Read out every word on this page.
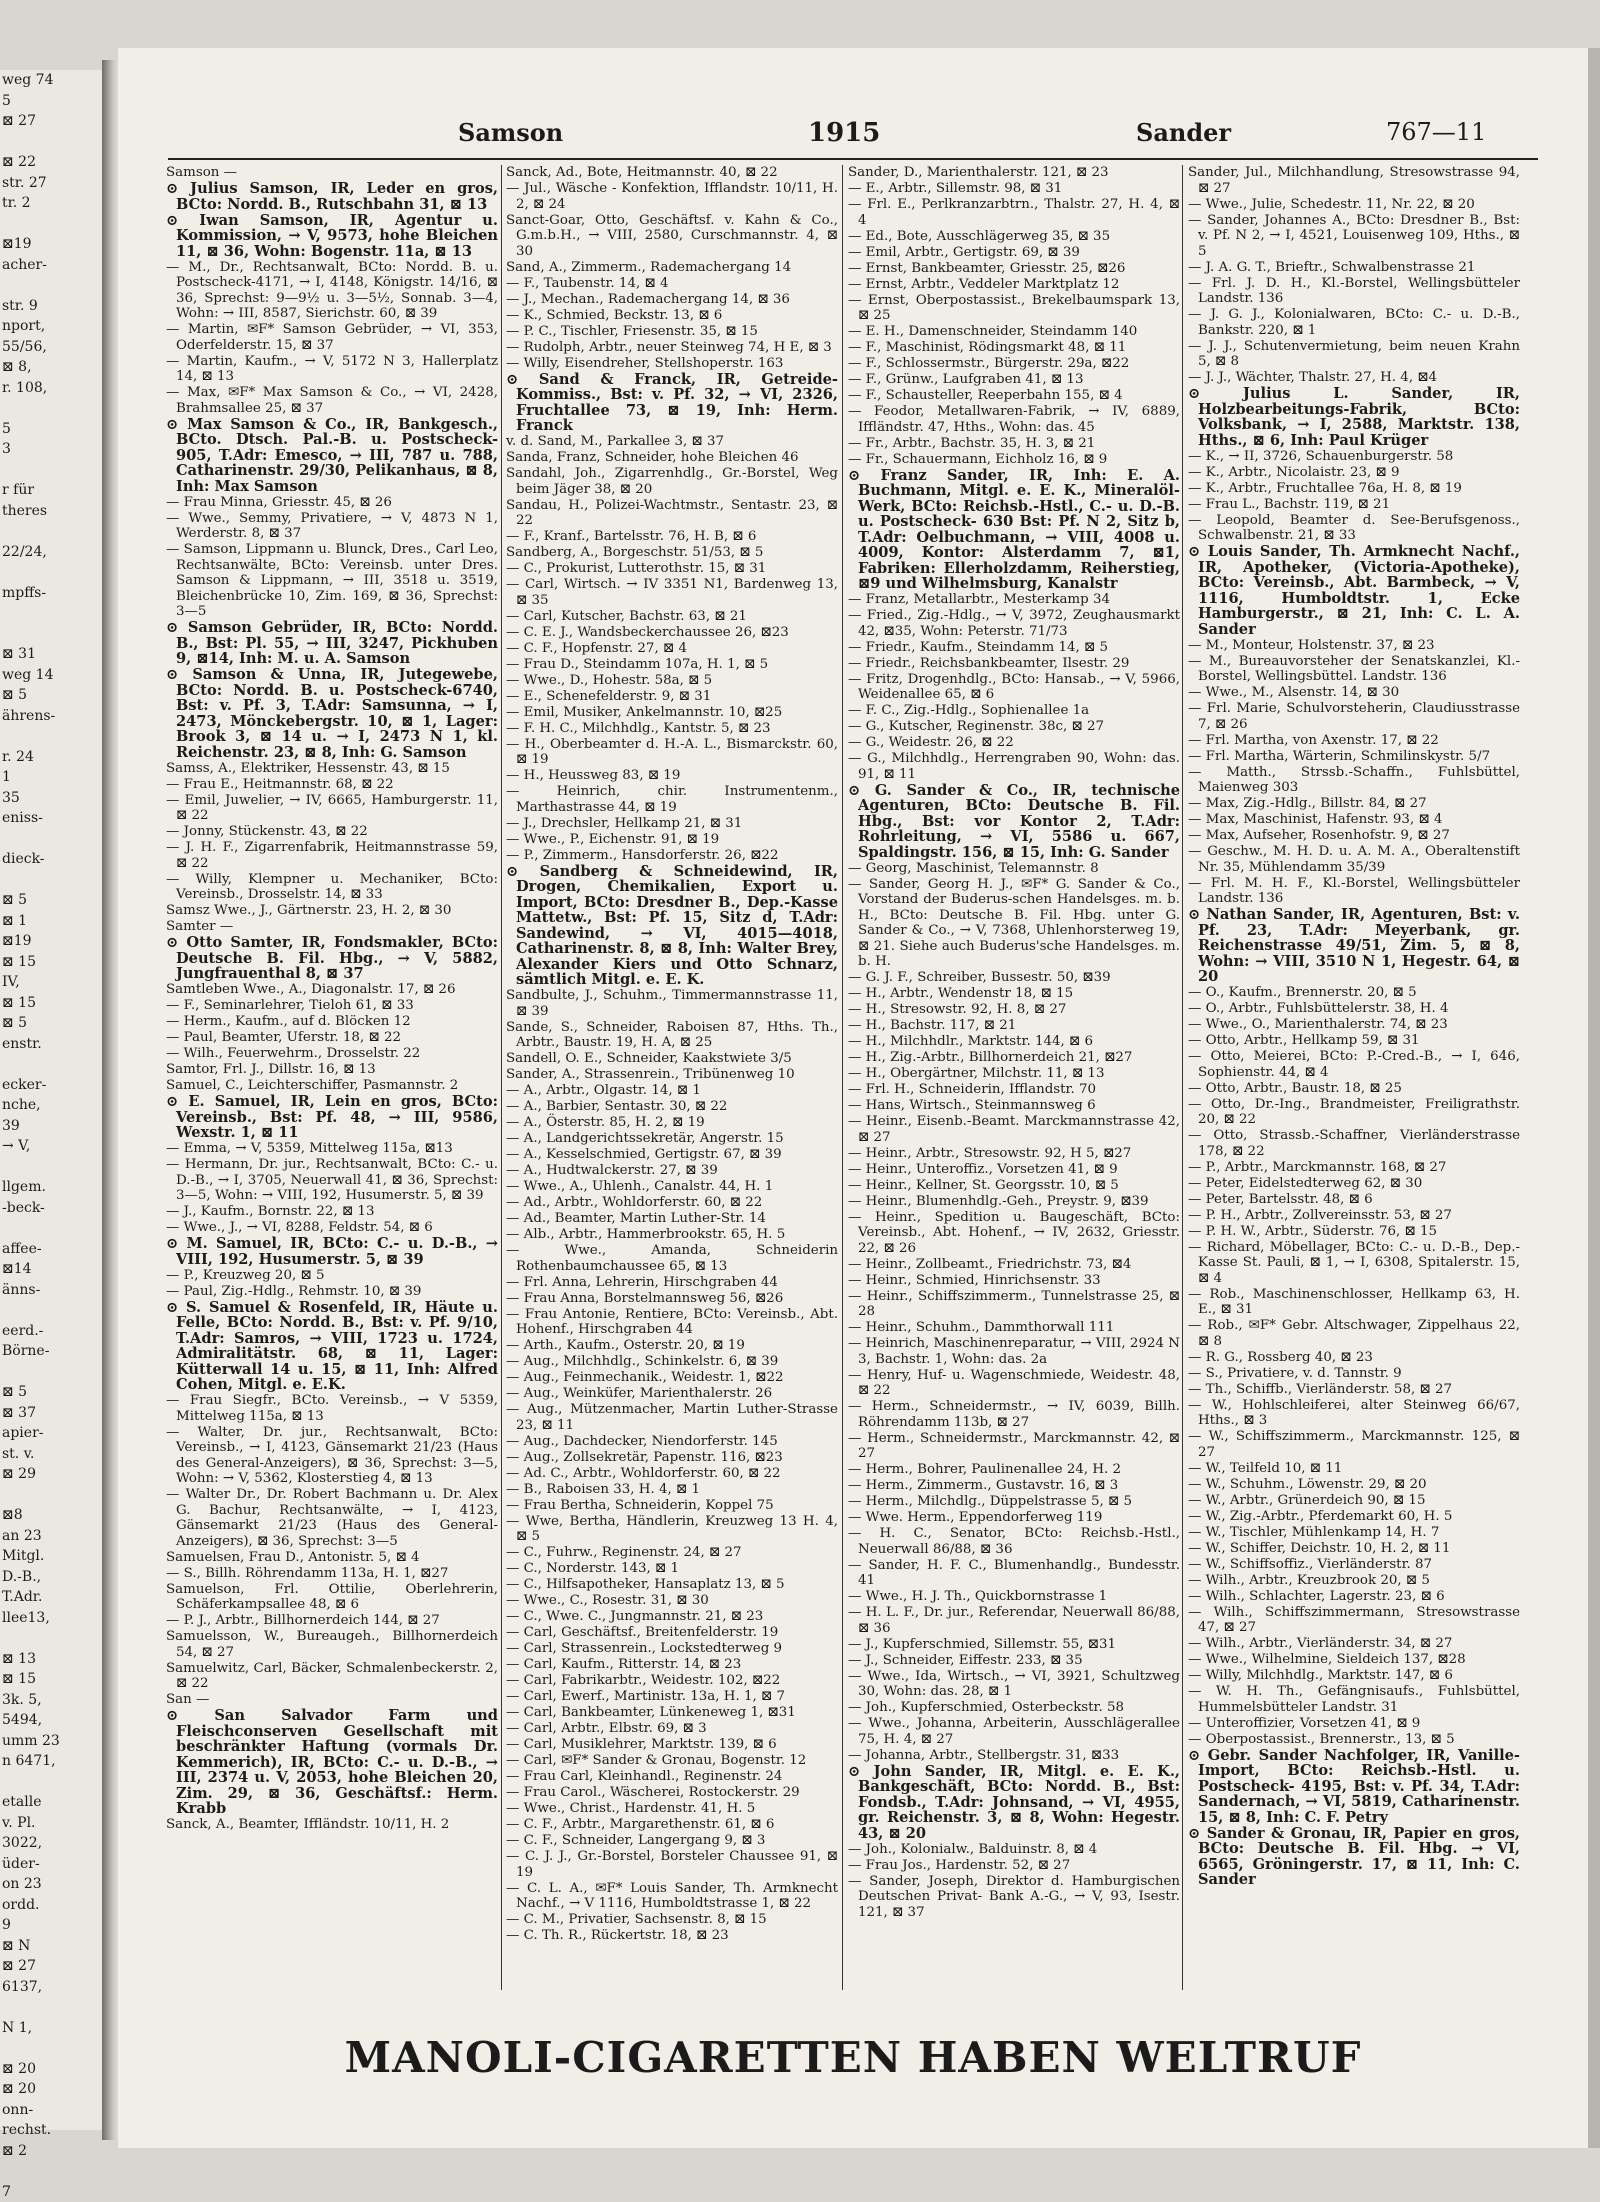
weg 74
5
⊠ 27
⊠ 22
str. 27
tr. 2
⊠19
acher-
str. 9
nport,
55/56,
⊠ 8,
r. 108,
5
3
r für
theres
22/24,
mpffs-
⊠ 31
weg 14
⊠ 5
ährens-
r. 24
1
35
eniss-
dieck-
⊠ 5
⊠ 1
⊠19
⊠ 15
IV,
⊠ 15
⊠ 5
enstr.
ecker-
nche,
39
→ V,
llgem.
-beck-
affee-
⊠14
änns-
eerd.-
Börne-
⊠ 5
⊠ 37
apier-
st. v.
⊠ 29
⊠8
an 23
Mitgl.
D.-B.,
T.Adr.
llee13,
⊠ 13
⊠ 15
3k. 5,
5494,
umm 23
n 6471,
etalle
v. Pl.
3022,
üder-
on 23
ordd.
9
⊠ N
⊠ 27
6137,
N 1,
⊠ 20
⊠ 20
onn-
rechst.
⊠ 2
7
Samson	1915	Sander	767—11
Samson —
⊙ Julius Samson, IR, Leder en gros, BCto: Nordd. B., Rutschbahn 31, ⊠ 13
⊙ Iwan Samson, IR, Agentur u. Kommission, → V, 9573, hohe Bleichen 11, ⊠ 36, Wohn: Bogenstr. 11a, ⊠ 13
— M., Dr., Rechtsanwalt, BCto: Nordd. B. u. Postscheck-4171, → I, 4148, Königstr. 14/16, ⊠ 36, Sprechst: 9—9½ u. 3—5½, Sonnab. 3—4, Wohn: → III, 8587, Sierichstr. 60, ⊠ 39
— Martin, ✉F* Samson Gebrüder, → VI, 353, Oderfelderstr. 15, ⊠ 37
— Martin, Kaufm., → V, 5172 N 3, Hallerplatz 14, ⊠ 13
— Max, ✉F* Max Samson & Co., → VI, 2428, Brahmsallee 25, ⊠ 37
⊙ Max Samson & Co., IR, Bankgesch., BCto. Dtsch. Pal.-B. u. Postscheck- 905, T.Adr: Emesco, → III, 787 u. 788, Catharinenstr. 29/30, Pelikanhaus, ⊠ 8, Inh: Max Samson
— Frau Minna, Griesstr. 45, ⊠ 26
— Wwe., Semmy, Privatiere, → V, 4873 N 1, Werderstr. 8, ⊠ 37
— Samson, Lippmann u. Blunck, Dres., Carl Leo, Rechtsanwälte, BCto: Vereinsb. unter Dres. Samson & Lippmann, → III, 3518 u. 3519, Bleichenbrücke 10, Zim. 169, ⊠ 36, Sprechst: 3—5
⊙ Samson Gebrüder, IR, BCto: Nordd. B., Bst: Pl. 55, → III, 3247, Pickhuben 9, ⊠14, Inh: M. u. A. Samson
⊙ Samson & Unna, IR, Jutegewebe, BCto: Nordd. B. u. Postscheck-6740, Bst: v. Pf. 3, T.Adr: Samsunna, → I, 2473, Mönckebergstr. 10, ⊠ 1, Lager: Brook 3, ⊠ 14 u. → I, 2473 N 1, kl. Reichenstr. 23, ⊠ 8, Inh: G. Samson
Samss, A., Elektriker, Hessenstr. 43, ⊠ 15
— Frau E., Heitmannstr. 68, ⊠ 22
— Emil, Juwelier, → IV, 6665, Hamburgerstr. 11, ⊠ 22
— Jonny, Stückenstr. 43, ⊠ 22
— J. H. F., Zigarrenfabrik, Heitmannstrasse 59, ⊠ 22
— Willy, Klempner u. Mechaniker, BCto: Vereinsb., Drosselstr. 14, ⊠ 33
Samsz Wwe., J., Gärtnerstr. 23, H. 2, ⊠ 30
Samter —
⊙ Otto Samter, IR, Fondsmakler, BCto: Deutsche B. Fil. Hbg., → V, 5882, Jungfrauenthal 8, ⊠ 37
Samtleben Wwe., A., Diagonalstr. 17, ⊠ 26
— F., Seminarlehrer, Tieloh 61, ⊠ 33
— Herm., Kaufm., auf d. Blöcken 12
— Paul, Beamter, Uferstr. 18, ⊠ 22
— Wilh., Feuerwehrm., Drosselstr. 22
Samtor, Frl. J., Dillstr. 16, ⊠ 13
Samuel, C., Leichterschiffer, Pasmannstr. 2
⊙ E. Samuel, IR, Lein en gros, BCto: Vereinsb., Bst: Pf. 48, → III, 9586, Wexstr. 1, ⊠ 11
— Emma, → V, 5359, Mittelweg 115a, ⊠13
— Hermann, Dr. jur., Rechtsanwalt, BCto: C.- u. D.-B., → I, 3705, Neuerwall 41, ⊠ 36, Sprechst: 3—5, Wohn: → VIII, 192, Husumerstr. 5, ⊠ 39
— J., Kaufm., Bornstr. 22, ⊠ 13
— Wwe., J., → VI, 8288, Feldstr. 54, ⊠ 6
⊙ M. Samuel, IR, BCto: C.- u. D.-B., → VIII, 192, Husumerstr. 5, ⊠ 39
— P., Kreuzweg 20, ⊠ 5
— Paul, Zig.-Hdlg., Rehmstr. 10, ⊠ 39
⊙ S. Samuel & Rosenfeld, IR, Häute u. Felle, BCto: Nordd. B., Bst: v. Pf. 9/10, T.Adr: Samros, → VIII, 1723 u. 1724, Admiralitätstr. 68, ⊠ 11, Lager: Kütterwall 14 u. 15, ⊠ 11, Inh: Alfred Cohen, Mitgl. e. E.K.
— Frau Siegfr., BCto. Vereinsb., → V 5359, Mittelweg 115a, ⊠ 13
— Walter, Dr. jur., Rechtsanwalt, BCto: Vereinsb., → I, 4123, Gänsemarkt 21/23 (Haus des General-Anzeigers), ⊠ 36, Sprechst: 3—5, Wohn: → V, 5362, Klosterstieg 4, ⊠ 13
— Walter Dr., Dr. Robert Bachmann u. Dr. Alex G. Bachur, Rechtsanwälte, → I, 4123, Gänsemarkt 21/23 (Haus des General-Anzeigers), ⊠ 36, Sprechst: 3—5
Samuelsen, Frau D., Antonistr. 5, ⊠ 4
— S., Billh. Röhrendamm 113a, H. 1, ⊠27
Samuelson, Frl. Ottilie, Oberlehrerin, Schäferkampsallee 48, ⊠ 6
— P. J., Arbtr., Billhornerdeich 144, ⊠ 27
Samuelsson, W., Bureaugeh., Billhornerdeich 54, ⊠ 27
Samuelwitz, Carl, Bäcker, Schmalenbeckerstr. 2, ⊠ 22
San —
⊙ San Salvador Farm und Fleischconserven Gesellschaft mit beschränkter Haftung (vormals Dr. Kemmerich), IR, BCto: C.- u. D.-B., → III, 2374 u. V, 2053, hohe Bleichen 20, Zim. 29, ⊠ 36, Geschäftsf.: Herm. Krabb
Sanck, A., Beamter, Iffländstr. 10/11, H. 2
Sanck, Ad., Bote, Heitmannstr. 40, ⊠ 22
— Jul., Wäsche - Konfektion, Ifflandstr. 10/11, H. 2, ⊠ 24
Sanct-Goar, Otto, Geschäftsf. v. Kahn & Co., G.m.b.H., → VIII, 2580, Curschmannstr. 4, ⊠ 30
Sand, A., Zimmerm., Rademachergang 14
— F., Taubenstr. 14, ⊠ 4
— J., Mechan., Rademachergang 14, ⊠ 36
— K., Schmied, Beckstr. 13, ⊠ 6
— P. C., Tischler, Friesenstr. 35, ⊠ 15
— Rudolph, Arbtr., neuer Steinweg 74, H E, ⊠ 3
— Willy, Eisendreher, Stellshoperstr. 163
⊙ Sand & Franck, IR, Getreide-Kommiss., Bst: v. Pf. 32, → VI, 2326, Fruchtallee 73, ⊠ 19, Inh: Herm. Franck
v. d. Sand, M., Parkallee 3, ⊠ 37
Sanda, Franz, Schneider, hohe Bleichen 46
Sandahl, Joh., Zigarrenhdlg., Gr.-Borstel, Weg beim Jäger 38, ⊠ 20
Sandau, H., Polizei-Wachtmstr., Sentastr. 23, ⊠ 22
— F., Kranf., Bartelsstr. 76, H. B, ⊠ 6
Sandberg, A., Borgeschstr. 51/53, ⊠ 5
— C., Prokurist, Lutterothstr. 15, ⊠ 31
— Carl, Wirtsch. → IV 3351 N1, Bardenweg 13, ⊠ 35
— Carl, Kutscher, Bachstr. 63, ⊠ 21
— C. E. J., Wandsbeckerchaussee 26, ⊠23
— C. F., Hopfenstr. 27, ⊠ 4
— Frau D., Steindamm 107a, H. 1, ⊠ 5
— Wwe., D., Hohestr. 58a, ⊠ 5
— E., Schenefelderstr. 9, ⊠ 31
— Emil, Musiker, Ankelmannstr. 10, ⊠25
— F. H. C., Milchhdlg., Kantstr. 5, ⊠ 23
— H., Oberbeamter d. H.-A. L., Bismarckstr. 60, ⊠ 19
— H., Heussweg 83, ⊠ 19
— Heinrich, chir. Instrumentenm., Marthastrasse 44, ⊠ 19
— J., Drechsler, Hellkamp 21, ⊠ 31
— Wwe., P., Eichenstr. 91, ⊠ 19
— P., Zimmerm., Hansdorferstr. 26, ⊠22
⊙ Sandberg & Schneidewind, IR, Drogen, Chemikalien, Export u. Import, BCto: Dresdner B., Dep.-Kasse Mattetw., Bst: Pf. 15, Sitz d, T.Adr: Sandewind, → VI, 4015—4018, Catharinenstr. 8, ⊠ 8, Inh: Walter Brey, Alexander Kiers und Otto Schnarz, sämtlich Mitgl. e. E. K.
Sandbulte, J., Schuhm., Timmermannstrasse 11, ⊠ 39
Sande, S., Schneider, Raboisen 87, Hths. Th., Arbtr., Baustr. 19, H. A, ⊠ 25
Sandell, O. E., Schneider, Kaakstwiete 3/5
Sander, A., Strassenrein., Tribünenweg 10
— A., Arbtr., Olgastr. 14, ⊠ 1
— A., Barbier, Sentastr. 30, ⊠ 22
— A., Österstr. 85, H. 2, ⊠ 19
— A., Landgerichtssekretär, Angerstr. 15
— A., Kesselschmied, Gertigstr. 67, ⊠ 39
— A., Hudtwalckerstr. 27, ⊠ 39
— Wwe., A., Uhlenh., Canalstr. 44, H. 1
— Ad., Arbtr., Wohldorferstr. 60, ⊠ 22
— Ad., Beamter, Martin Luther-Str. 14
— Alb., Arbtr., Hammerbrookstr. 65, H. 5
— Wwe., Amanda, Schneiderin Rothenbaumchaussee 65, ⊠ 13
— Frl. Anna, Lehrerin, Hirschgraben 44
— Frau Anna, Borstelmannsweg 56, ⊠26
— Frau Antonie, Rentiere, BCto: Vereinsb., Abt. Hohenf., Hirschgraben 44
— Arth., Kaufm., Osterstr. 20, ⊠ 19
— Aug., Milchhdlg., Schinkelstr. 6, ⊠ 39
— Aug., Feinmechanik., Weidestr. 1, ⊠22
— Aug., Weinküfer, Marienthalerstr. 26
— Aug., Mützenmacher, Martin Luther-Strasse 23, ⊠ 11
— Aug., Dachdecker, Niendorferstr. 145
— Aug., Zollsekretär, Papenstr. 116, ⊠23
— Ad. C., Arbtr., Wohldorferstr. 60, ⊠ 22
— B., Raboisen 33, H. 4, ⊠ 1
— Frau Bertha, Schneiderin, Koppel 75
— Wwe, Bertha, Händlerin, Kreuzweg 13 H. 4, ⊠ 5
— C., Fuhrw., Reginenstr. 24, ⊠ 27
— C., Norderstr. 143, ⊠ 1
— C., Hilfsapotheker, Hansaplatz 13, ⊠ 5
— Wwe., C., Rosestr. 31, ⊠ 30
— C., Wwe. C., Jungmannstr. 21, ⊠ 23
— Carl, Geschäftsf., Breitenfelderstr. 19
— Carl, Strassenrein., Lockstedterweg 9
— Carl, Kaufm., Ritterstr. 14, ⊠ 23
— Carl, Fabrikarbtr., Weidestr. 102, ⊠22
— Carl, Ewerf., Martinistr. 13a, H. 1, ⊠ 7
— Carl, Bankbeamter, Lünkeneweg 1, ⊠31
— Carl, Arbtr., Elbstr. 69, ⊠ 3
— Carl, Musiklehrer, Marktstr. 139, ⊠ 6
— Carl, ✉F* Sander & Gronau, Bogenstr. 12
— Frau Carl, Kleinhandl., Reginenstr. 24
— Frau Carol., Wäscherei, Rostockerstr. 29
— Wwe., Christ., Hardenstr. 41, H. 5
— C. F., Arbtr., Margarethenstr. 61, ⊠ 6
— C. F., Schneider, Langergang 9, ⊠ 3
— C. J. J., Gr.-Borstel, Borsteler Chaussee 91, ⊠ 19
— C. L. A., ✉F* Louis Sander, Th. Armknecht Nachf., → V 1116, Humboldtstrasse 1, ⊠ 22
— C. M., Privatier, Sachsenstr. 8, ⊠ 15
— C. Th. R., Rückertstr. 18, ⊠ 23
Sander, D., Marienthalerstr. 121, ⊠ 23
— E., Arbtr., Sillemstr. 98, ⊠ 31
— Frl. E., Perlkranzarbtrn., Thalstr. 27, H. 4, ⊠ 4
— Ed., Bote, Ausschlägerweg 35, ⊠ 35
— Emil, Arbtr., Gertigstr. 69, ⊠ 39
— Ernst, Bankbeamter, Griesstr. 25, ⊠26
— Ernst, Arbtr., Veddeler Marktplatz 12
— Ernst, Oberpostassist., Brekelbaumspark 13, ⊠ 25
— E. H., Damenschneider, Steindamm 140
— F., Maschinist, Rödingsmarkt 48, ⊠ 11
— F., Schlossermstr., Bürgerstr. 29a, ⊠22
— F., Grünw., Laufgraben 41, ⊠ 13
— F., Schausteller, Reeperbahn 155, ⊠ 4
— Feodor, Metallwaren-Fabrik, → IV, 6889, Iffländstr. 47, Hths., Wohn: das. 45
— Fr., Arbtr., Bachstr. 35, H. 3, ⊠ 21
— Fr., Schauermann, Eichholz 16, ⊠ 9
⊙ Franz Sander, IR, Inh: E. A. Buchmann, Mitgl. e. E. K., Mineralöl-Werk, BCto: Reichsb.-Hstl., C.- u. D.-B. u. Postscheck- 630 Bst: Pf. N 2, Sitz b, T.Adr: Oelbuchmann, → VIII, 4008 u. 4009, Kontor: Alsterdamm 7, ⊠1, Fabriken: Ellerholzdamm, Reiherstieg, ⊠9 und Wilhelmsburg, Kanalstr
— Franz, Metallarbtr., Mesterkamp 34
— Fried., Zig.-Hdlg., → V, 3972, Zeughausmarkt 42, ⊠35, Wohn: Peterstr. 71/73
— Friedr., Kaufm., Steindamm 14, ⊠ 5
— Friedr., Reichsbankbeamter, Ilsestr. 29
— Fritz, Drogenhdlg., BCto: Hansab., → V, 5966, Weidenallee 65, ⊠ 6
— F. C., Zig.-Hdlg., Sophienallee 1a
— G., Kutscher, Reginenstr. 38c, ⊠ 27
— G., Weidestr. 26, ⊠ 22
— G., Milchhdlg., Herrengraben 90, Wohn: das. 91, ⊠ 11
⊙ G. Sander & Co., IR, technische Agenturen, BCto: Deutsche B. Fil. Hbg., Bst: vor Kontor 2, T.Adr: Rohrleitung, → VI, 5586 u. 667, Spaldingstr. 156, ⊠ 15, Inh: G. Sander
— Georg, Maschinist, Telemannstr. 8
— Sander, Georg H. J., ✉F* G. Sander & Co., Vorstand der Buderus-schen Handelsges. m. b. H., BCto: Deutsche B. Fil. Hbg. unter G. Sander & Co., → V, 7368, Uhlenhorsterweg 19, ⊠ 21. Siehe auch Buderus'sche Handelsges. m. b. H.
— G. J. F., Schreiber, Bussestr. 50, ⊠39
— H., Arbtr., Wendenstr 18, ⊠ 15
— H., Stresowstr. 92, H. 8, ⊠ 27
— H., Bachstr. 117, ⊠ 21
— H., Milchhdlr., Marktstr. 144, ⊠ 6
— H., Zig.-Arbtr., Billhornerdeich 21, ⊠27
— H., Obergärtner, Milchstr. 11, ⊠ 13
— Frl. H., Schneiderin, Ifflandstr. 70
— Hans, Wirtsch., Steinmannsweg 6
— Heinr., Eisenb.-Beamt. Marckmannstrasse 42, ⊠ 27
— Heinr., Arbtr., Stresowstr. 92, H 5, ⊠27
— Heinr., Unteroffiz., Vorsetzen 41, ⊠ 9
— Heinr., Kellner, St. Georgsstr. 10, ⊠ 5
— Heinr., Blumenhdlg.-Geh., Preystr. 9, ⊠39
— Heinr., Spedition u. Baugeschäft, BCto: Vereinsb., Abt. Hohenf., → IV, 2632, Griesstr. 22, ⊠ 26
— Heinr., Zollbeamt., Friedrichstr. 73, ⊠4
— Heinr., Schmied, Hinrichsenstr. 33
— Heinr., Schiffszimmerm., Tunnelstrasse 25, ⊠ 28
— Heinr., Schuhm., Dammthorwall 111
— Heinrich, Maschinenreparatur, → VIII, 2924 N 3, Bachstr. 1, Wohn: das. 2a
— Henry, Huf- u. Wagenschmiede, Weidestr. 48, ⊠ 22
— Herm., Schneidermstr., → IV, 6039, Billh. Röhrendamm 113b, ⊠ 27
— Herm., Schneidermstr., Marckmannstr. 42, ⊠ 27
— Herm., Bohrer, Paulinenallee 24, H. 2
— Herm., Zimmerm., Gustavstr. 16, ⊠ 3
— Herm., Milchdlg., Düppelstrasse 5, ⊠ 5
— Wwe. Herm., Eppendorferweg 119
— H. C., Senator, BCto: Reichsb.-Hstl., Neuerwall 86/88, ⊠ 36
— Sander, H. F. C., Blumenhandlg., Bundesstr. 41
— Wwe., H. J. Th., Quickbornstrasse 1
— H. L. F., Dr. jur., Referendar, Neuerwall 86/88, ⊠ 36
— J., Kupferschmied, Sillemstr. 55, ⊠31
— J., Schneider, Eiffestr. 233, ⊠ 35
— Wwe., Ida, Wirtsch., → VI, 3921, Schultzweg 30, Wohn: das. 28, ⊠ 1
— Joh., Kupferschmied, Osterbeckstr. 58
— Wwe., Johanna, Arbeiterin, Ausschlägerallee 75, H. 4, ⊠ 27
— Johanna, Arbtr., Stellbergstr. 31, ⊠33
⊙ John Sander, IR, Mitgl. e. E. K., Bankgeschäft, BCto: Nordd. B., Bst: Fondsb., T.Adr: Johnsand, → VI, 4955, gr. Reichenstr. 3, ⊠ 8, Wohn: Hegestr. 43, ⊠ 20
— Joh., Kolonialw., Balduinstr. 8, ⊠ 4
— Frau Jos., Hardenstr. 52, ⊠ 27
— Sander, Joseph, Direktor d. Hamburgischen Deutschen Privat- Bank A.-G., → V, 93, Isestr. 121, ⊠ 37
Sander, Jul., Milchhandlung, Stresowstrasse 94, ⊠ 27
— Wwe., Julie, Schedestr. 11, Nr. 22, ⊠ 20
— Sander, Johannes A., BCto: Dresdner B., Bst: v. Pf. N 2, → I, 4521, Louisenweg 109, Hths., ⊠ 5
— J. A. G. T., Brieftr., Schwalbenstrasse 21
— Frl. J. D. H., Kl.-Borstel, Wellingsbütteler Landstr. 136
— J. G. J., Kolonialwaren, BCto: C.- u. D.-B., Bankstr. 220, ⊠ 1
— J. J., Schutenvermietung, beim neuen Krahn 5, ⊠ 8
— J. J., Wächter, Thalstr. 27, H. 4, ⊠4
⊙ Julius L. Sander, IR, Holzbearbeitungs-Fabrik, BCto: Volksbank, → I, 2588, Marktstr. 138, Hths., ⊠ 6, Inh: Paul Krüger
— K., → II, 3726, Schauenburgerstr. 58
— K., Arbtr., Nicolaistr. 23, ⊠ 9
— K., Arbtr., Fruchtallee 76a, H. 8, ⊠ 19
— Frau L., Bachstr. 119, ⊠ 21
— Leopold, Beamter d. See-Berufsgenoss., Schwalbenstr. 21, ⊠ 33
⊙ Louis Sander, Th. Armknecht Nachf., IR, Apotheker, (Victoria-Apotheke), BCto: Vereinsb., Abt. Barmbeck, → V, 1116, Humboldtstr. 1, Ecke Hamburgerstr., ⊠ 21, Inh: C. L. A. Sander
— M., Monteur, Holstenstr. 37, ⊠ 23
— M., Bureauvorsteher der Senatskanzlei, Kl.-Borstel, Wellingsbüttel. Landstr. 136
— Wwe., M., Alsenstr. 14, ⊠ 30
— Frl. Marie, Schulvorsteherin, Claudiusstrasse 7, ⊠ 26
— Frl. Martha, von Axenstr. 17, ⊠ 22
— Frl. Martha, Wärterin, Schmilinskystr. 5/7
— Matth., Strssb.-Schaffn., Fuhlsbüttel, Maienweg 303
— Max, Zig.-Hdlg., Billstr. 84, ⊠ 27
— Max, Maschinist, Hafenstr. 93, ⊠ 4
— Max, Aufseher, Rosenhofstr. 9, ⊠ 27
— Geschw., M. H. D. u. A. M. A., Oberaltenstift Nr. 35, Mühlendamm 35/39
— Frl. M. H. F., Kl.-Borstel, Wellingsbütteler Landstr. 136
⊙ Nathan Sander, IR, Agenturen, Bst: v. Pf. 23, T.Adr: Meyerbank, gr. Reichenstrasse 49/51, Zim. 5, ⊠ 8, Wohn: → VIII, 3510 N 1, Hegestr. 64, ⊠ 20
— O., Kaufm., Brennerstr. 20, ⊠ 5
— O., Arbtr., Fuhlsbüttelerstr. 38, H. 4
— Wwe., O., Marienthalerstr. 74, ⊠ 23
— Otto, Arbtr., Hellkamp 59, ⊠ 31
— Otto, Meierei, BCto: P.-Cred.-B., → I, 646, Sophienstr. 44, ⊠ 4
— Otto, Arbtr., Baustr. 18, ⊠ 25
— Otto, Dr.-Ing., Brandmeister, Freiligrathstr. 20, ⊠ 22
— Otto, Strassb.-Schaffner, Vierländerstrasse 178, ⊠ 22
— P., Arbtr., Marckmannstr. 168, ⊠ 27
— Peter, Eidelstedterweg 62, ⊠ 30
— Peter, Bartelsstr. 48, ⊠ 6
— P. H., Arbtr., Zollvereinsstr. 53, ⊠ 27
— P. H. W., Arbtr., Süderstr. 76, ⊠ 15
— Richard, Möbellager, BCto: C.- u. D.-B., Dep.-Kasse St. Pauli, ⊠ 1, → I, 6308, Spitalerstr. 15, ⊠ 4
— Rob., Maschinenschlosser, Hellkamp 63, H. E., ⊠ 31
— Rob., ✉F* Gebr. Altschwager, Zippelhaus 22, ⊠ 8
— R. G., Rossberg 40, ⊠ 23
— S., Privatiere, v. d. Tannstr. 9
— Th., Schiffb., Vierländerstr. 58, ⊠ 27
— W., Hohlschleiferei, alter Steinweg 66/67, Hths., ⊠ 3
— W., Schiffszimmerm., Marckmannstr. 125, ⊠ 27
— W., Teilfeld 10, ⊠ 11
— W., Schuhm., Löwenstr. 29, ⊠ 20
— W., Arbtr., Grünerdeich 90, ⊠ 15
— W., Zig.-Arbtr., Pferdemarkt 60, H. 5
— W., Tischler, Mühlenkamp 14, H. 7
— W., Schiffer, Deichstr. 10, H. 2, ⊠ 11
— W., Schiffsoffiz., Vierländerstr. 87
— Wilh., Arbtr., Kreuzbrook 20, ⊠ 5
— Wilh., Schlachter, Lagerstr. 23, ⊠ 6
— Wilh., Schiffszimmermann, Stresowstrasse 47, ⊠ 27
— Wilh., Arbtr., Vierländerstr. 34, ⊠ 27
— Wwe., Wilhelmine, Sieldeich 137, ⊠28
— Willy, Milchhdlg., Marktstr. 147, ⊠ 6
— W. H. Th., Gefängnisaufs., Fuhlsbüttel, Hummelsbütteler Landstr. 31
— Unteroffizier, Vorsetzen 41, ⊠ 9
— Oberpostassist., Brennerstr., 13, ⊠ 5
⊙ Gebr. Sander Nachfolger, IR, Vanille-Import, BCto: Reichsb.-Hstl. u. Postscheck- 4195, Bst: v. Pf. 34, T.Adr: Sandernach, → VI, 5819, Catharinenstr. 15, ⊠ 8, Inh: C. F. Petry
⊙ Sander & Gronau, IR, Papier en gros, BCto: Deutsche B. Fil. Hbg. → VI, 6565, Gröningerstr. 17, ⊠ 11, Inh: C. Sander
MANOLI-CIGARETTEN HABEN WELTRUF
